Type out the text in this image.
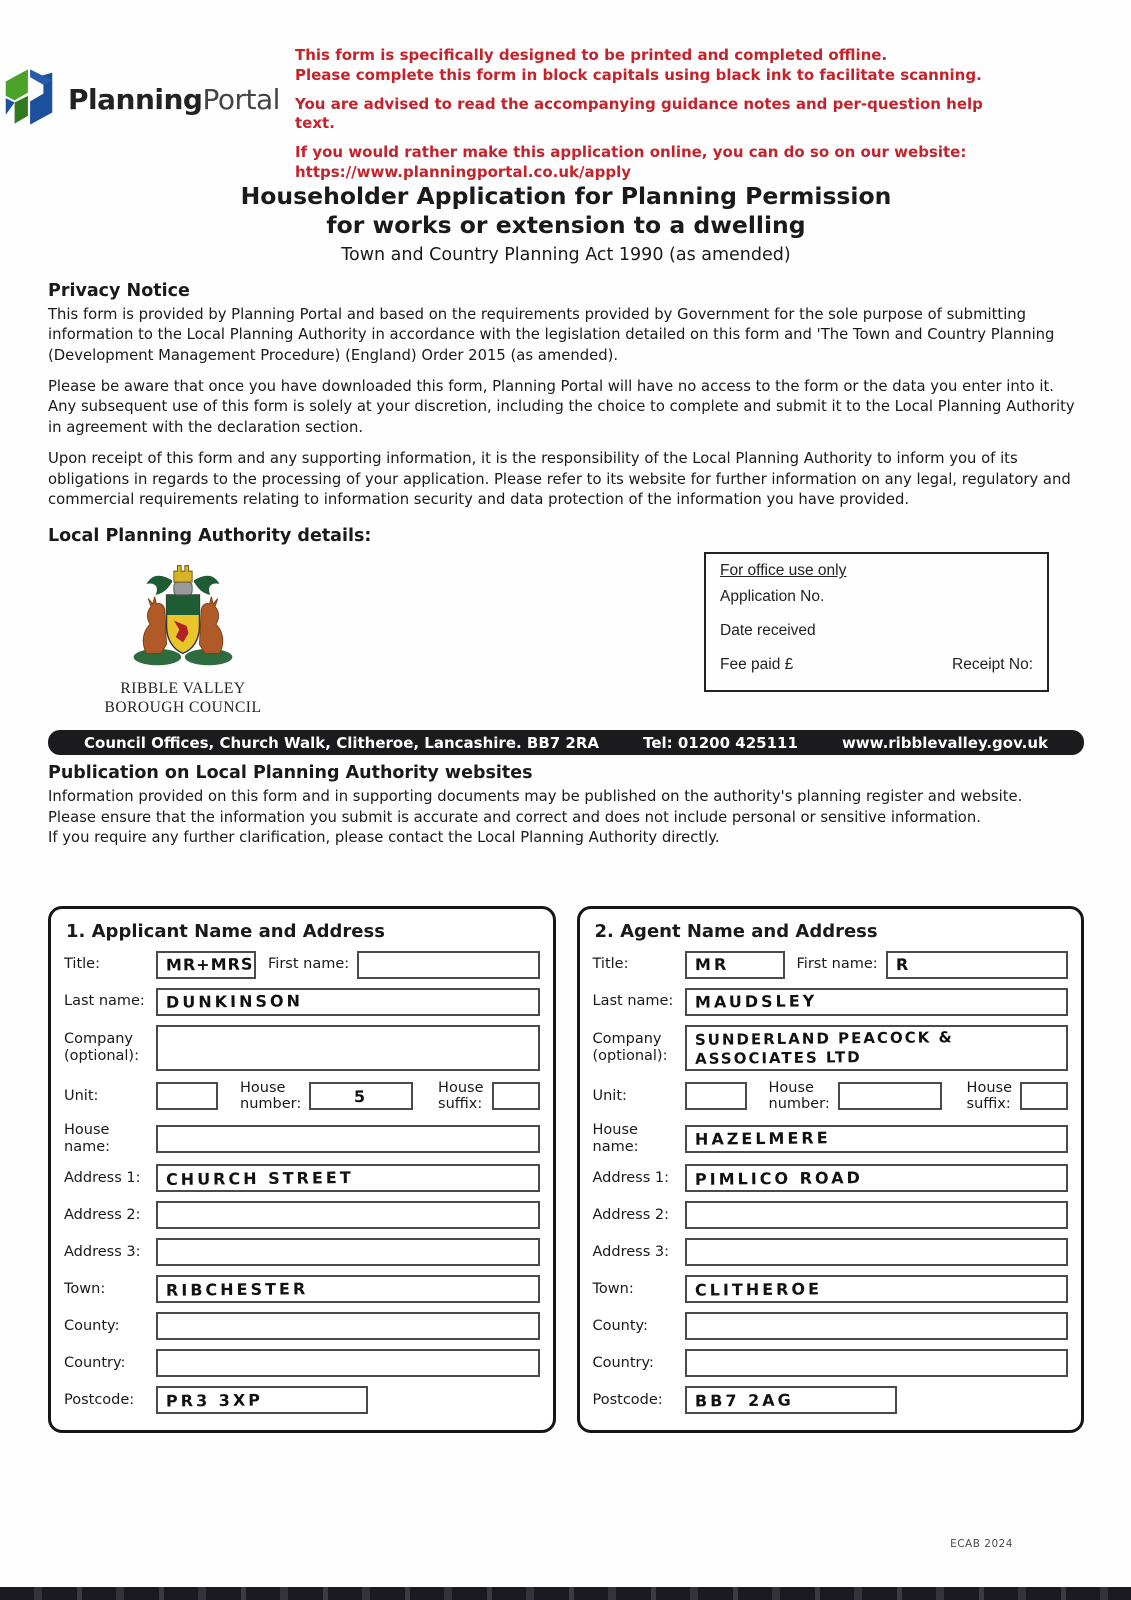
PlanningPortal

This form is specifically designed to be printed and completed offline.

Please complete this form in block capitals using black ink to facilitate scanning.

You are advised to read the accompanying guidance notes and per-question help text.

If you would rather make this application online, you can do so on our website:

https://www.planningportal.co.uk/apply

Householder Application for Planning Permission
for works or extension to a dwelling
Town and Country Planning Act 1990 (as amended)
Privacy Notice

This form is provided by Planning Portal and based on the requirements provided by Government for the sole purpose of submitting information to the Local Planning Authority in accordance with the legislation detailed on this form and 'The Town and Country Planning (Development Management Procedure) (England) Order 2015 (as amended).

Please be aware that once you have downloaded this form, Planning Portal will have no access to the form or the data you enter into it. Any subsequent use of this form is solely at your discretion, including the choice to complete and submit it to the Local Planning Authority in agreement with the declaration section.

Upon receipt of this form and any supporting information, it is the responsibility of the Local Planning Authority to inform you of its obligations in regards to the processing of your application. Please refer to its website for further information on any legal, regulatory and commercial requirements relating to information security and data protection of the information you have provided.

Local Planning Authority details:
RIBBLE VALLEY
BOROUGH COUNCIL
For office use only
Application No.
Date received
Fee paid £	Receipt No:
Council Offices, Church Walk, Clitheroe, Lancashire. BB7 2RA	Tel: 01200 425111	www.ribblevalley.gov.uk
Publication on Local Planning Authority websites

Information provided on this form and in supporting documents may be published on the authority's planning register and website.

Please ensure that the information you submit is accurate and correct and does not include personal or sensitive information.

If you require any further clarification, please contact the Local Planning Authority directly.

1. Applicant Name and Address
Title:	MR+MRS First name:
Last name: DUNKINSON
Company
(optional):
Unit:
House
number:	5	House
suffix:
House
name:
Address 1:	CHURCH STREET
Address 2:
Address 3:
Town:	RIBCHESTER
County:
Country:
Postcode:	PR3 3XP
2. Agent Name and Address
Title:	MR	First name: R
Last name: MAUDSLEY
Company
(optional):
SUNDERLAND PEACOCK & ASSOCIATES LTD
Unit:
House
number:
House
suffix:
House
name:	HAZELMERE
Address 1:	PIMLICO ROAD
Address 2:
Address 3:
Town:	CLITHEROE
County:
Country:
Postcode:	BB7 2AG
ECAB 2024
